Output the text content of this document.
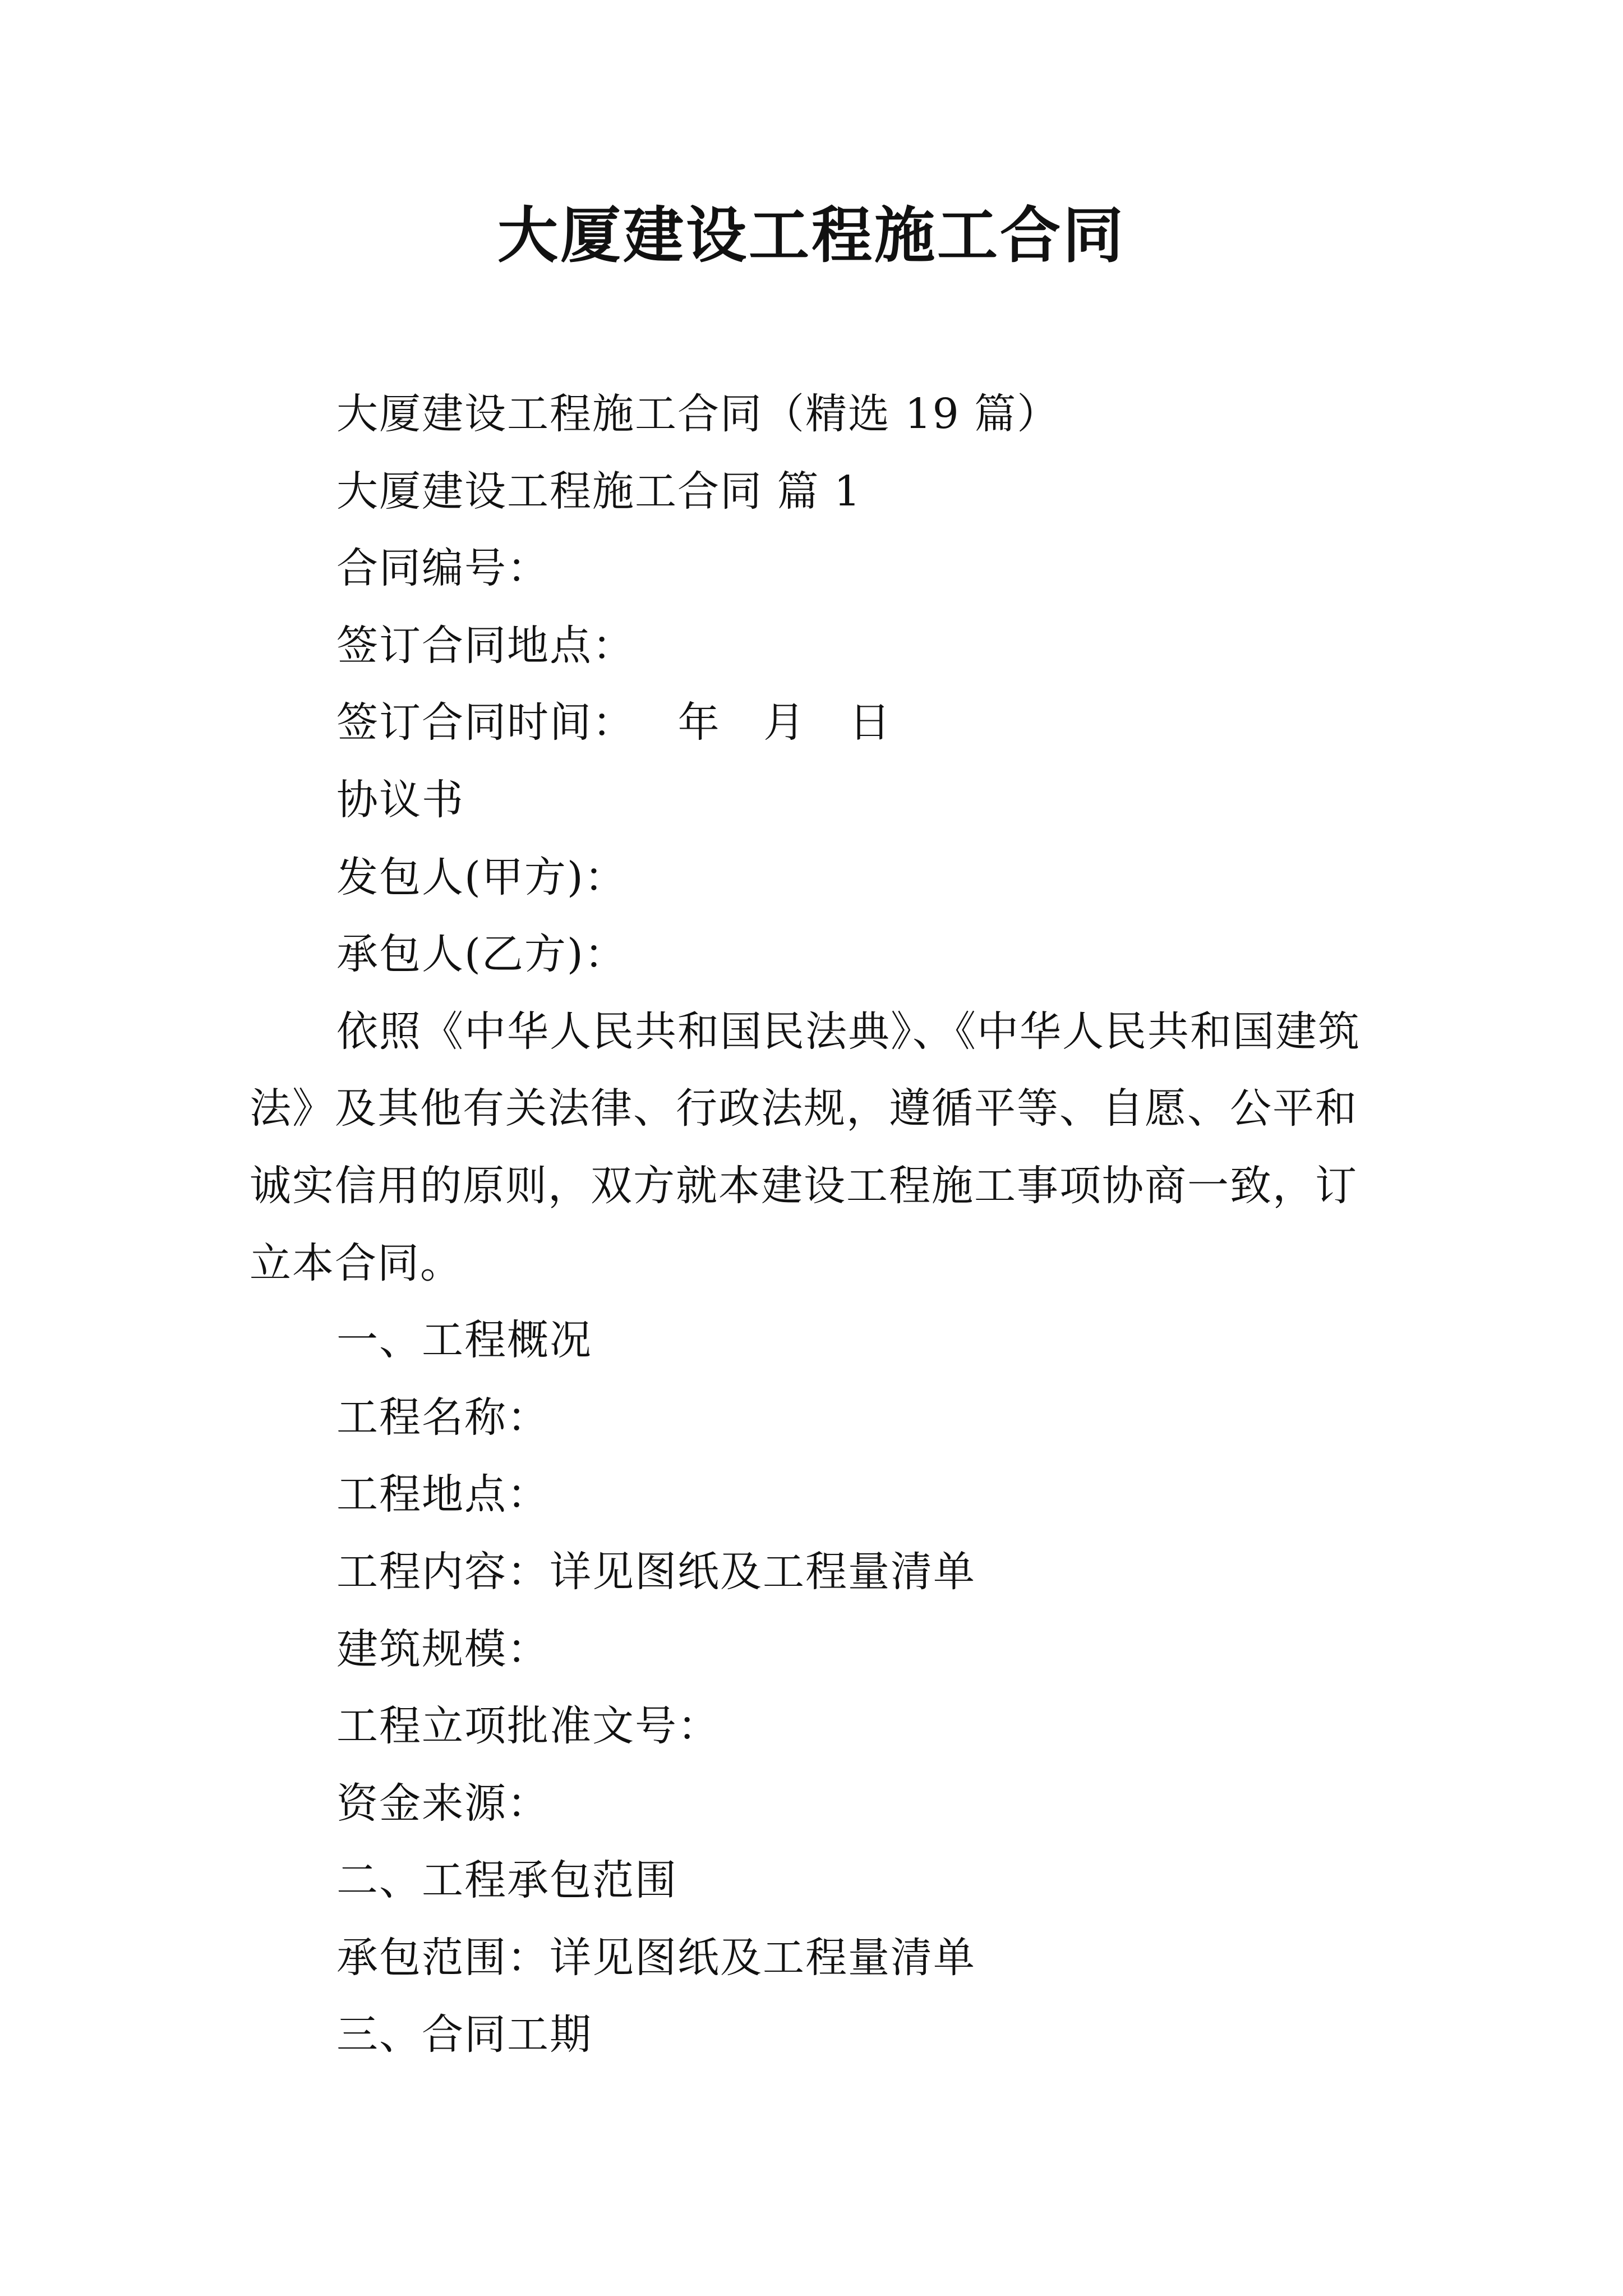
大厦建设工程施工合同

大厦建设工程施工合同（精选 19 篇）

大厦建设工程施工合同 篇 1

合同编号：

签订合同地点：

签订合同时间：   年   月   日

协议书

发包人(甲方)：

承包人(乙方)：

依照《中华人民共和国民法典》、《中华人民共和国建筑

法》及其他有关法律、行政法规，遵循平等、自愿、公平和

诚实信用的原则，双方就本建设工程施工事项协商一致，订

立本合同。

一、工程概况

工程名称：

工程地点：

工程内容：详见图纸及工程量清单

建筑规模：

工程立项批准文号：

资金来源：

二、工程承包范围

承包范围：详见图纸及工程量清单

三、合同工期
